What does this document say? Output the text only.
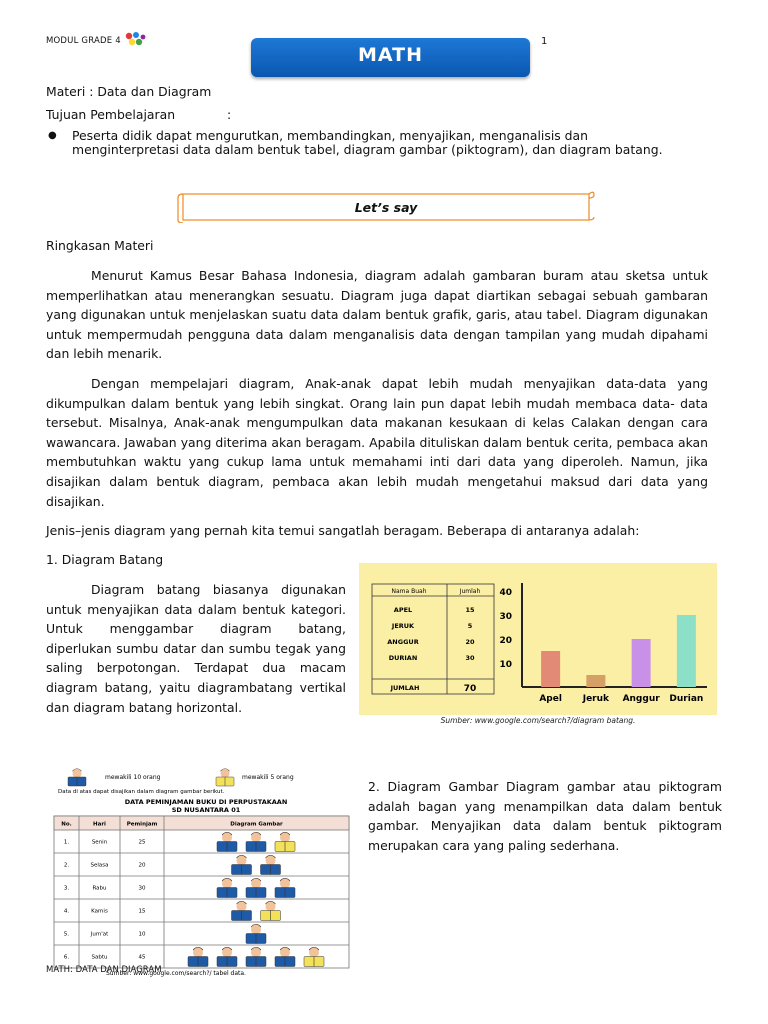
MODUL GRADE 4
MATH
1
Materi : Data dan Diagram
Tujuan Pembelajaran	:
● Peserta didik dapat mengurutkan, membandingkan, menyajikan, menganalisis dan menginterpretasi data dalam bentuk tabel, diagram gambar (piktogram), dan diagram batang.
Let’s say
Ringkasan Materi
Menurut Kamus Besar Bahasa Indonesia, diagram adalah gambaran buram atau sketsa untuk memperlihatkan atau menerangkan sesuatu. Diagram juga dapat diartikan sebagai sebuah gambaran yang digunakan untuk menjelaskan suatu data dalam bentuk grafik, garis, atau tabel. Diagram digunakan untuk mempermudah pengguna data dalam menganalisis data dengan tampilan yang mudah dipahami dan lebih menarik.
Dengan mempelajari diagram, Anak-anak dapat lebih mudah menyajikan data-data yang dikumpulkan dalam bentuk yang lebih singkat. Orang lain pun dapat lebih mudah membaca data- data tersebut. Misalnya, Anak-anak mengumpulkan data makanan kesukaan di kelas Calakan dengan cara wawancara. Jawaban yang diterima akan beragam. Apabila dituliskan dalam bentuk cerita, pembaca akan membutuhkan waktu yang cukup lama untuk memahami inti dari data yang diperoleh. Namun, jika disajikan dalam bentuk diagram, pembaca akan lebih mudah mengetahui maksud dari data yang disajikan.
Jenis–jenis diagram yang pernah kita temui sangatlah beragam. Beberapa di antaranya adalah:
1. Diagram Batang
Diagram batang biasanya digunakan untuk menyajikan data dalam bentuk kategori. Untuk menggambar diagram batang, diperlukan sumbu datar dan sumbu tegak yang saling berpotongan. Terdapat dua macam diagram batang, yaitu diagrambatang vertikal dan diagram batang horizontal.
Nama Buah	Jumlah
APEL	15
JERUK	5
ANGGUR	20
DURIAN	30
JUMLAH	70
10
20
30
40
Apel Jeruk Anggur Durian
Sumber: www.google.com/search?/diagram batang.
mewakili 10 orang	mewakili 5 orang
Data di atas dapat disajikan dalam diagram gambar berikut.
DATA PEMINJAMAN BUKU DI PERPUSTAKAAN
SD NUSANTARA 01
No.	Hari	Peminjam	Diagram Gambar
1.	Senin	25
2.	Selasa	20
3.	Rabu	30
4.	Kamis	15
5.	Jum'at	10
6.	Sabtu	45
Sumber: www.google.com/search?/ tabel data.
2. Diagram Gambar Diagram gambar atau piktogram adalah bagan yang menampilkan data dalam bentuk gambar. Menyajikan data dalam bentuk piktogram merupakan cara yang paling sederhana.
MATH: DATA DAN DIAGRAM
